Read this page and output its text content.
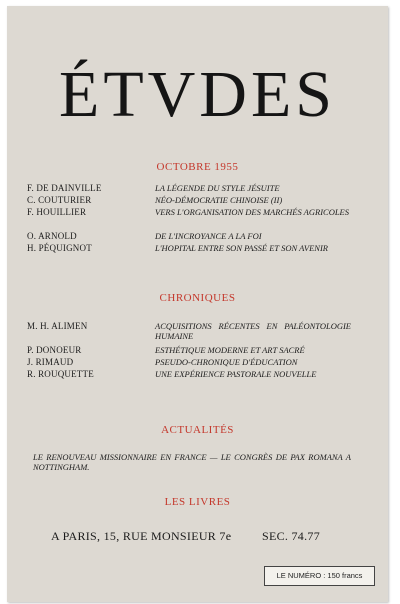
ÉTVDES
OCTOBRE 1955
F. DE DAINVILLE	LA LÉGENDE DU STYLE JÉSUITE
C. COUTURIER	NÉO-DÉMOCRATIE CHINOISE (II)
F. HOUILLIER	VERS L'ORGANISATION DES MARCHÉS AGRICOLES
O. ARNOLD	DE L'INCROYANCE A LA FOI
H. PÉQUIGNOT	L'HOPITAL ENTRE SON PASSÉ ET SON AVENIR
CHRONIQUES
M. H. ALIMEN	ACQUISITIONS RÉCENTES EN PALÉONTOLOGIE HUMAINE
P. DONOEUR	ESTHÉTIQUE MODERNE ET ART SACRÉ
J. RIMAUD	PSEUDO-CHRONIQUE D'ÉDUCATION
R. ROUQUETTE	UNE EXPÉRIENCE PASTORALE NOUVELLE
ACTUALITÉS
LE RENOUVEAU MISSIONNAIRE EN FRANCE — LE CONGRÈS DE PAX ROMANA A NOTTINGHAM.
LES LIVRES
A PARIS, 15, RUE MONSIEUR 7e	SEC. 74.77
LE NUMÉRO : 150 francs
